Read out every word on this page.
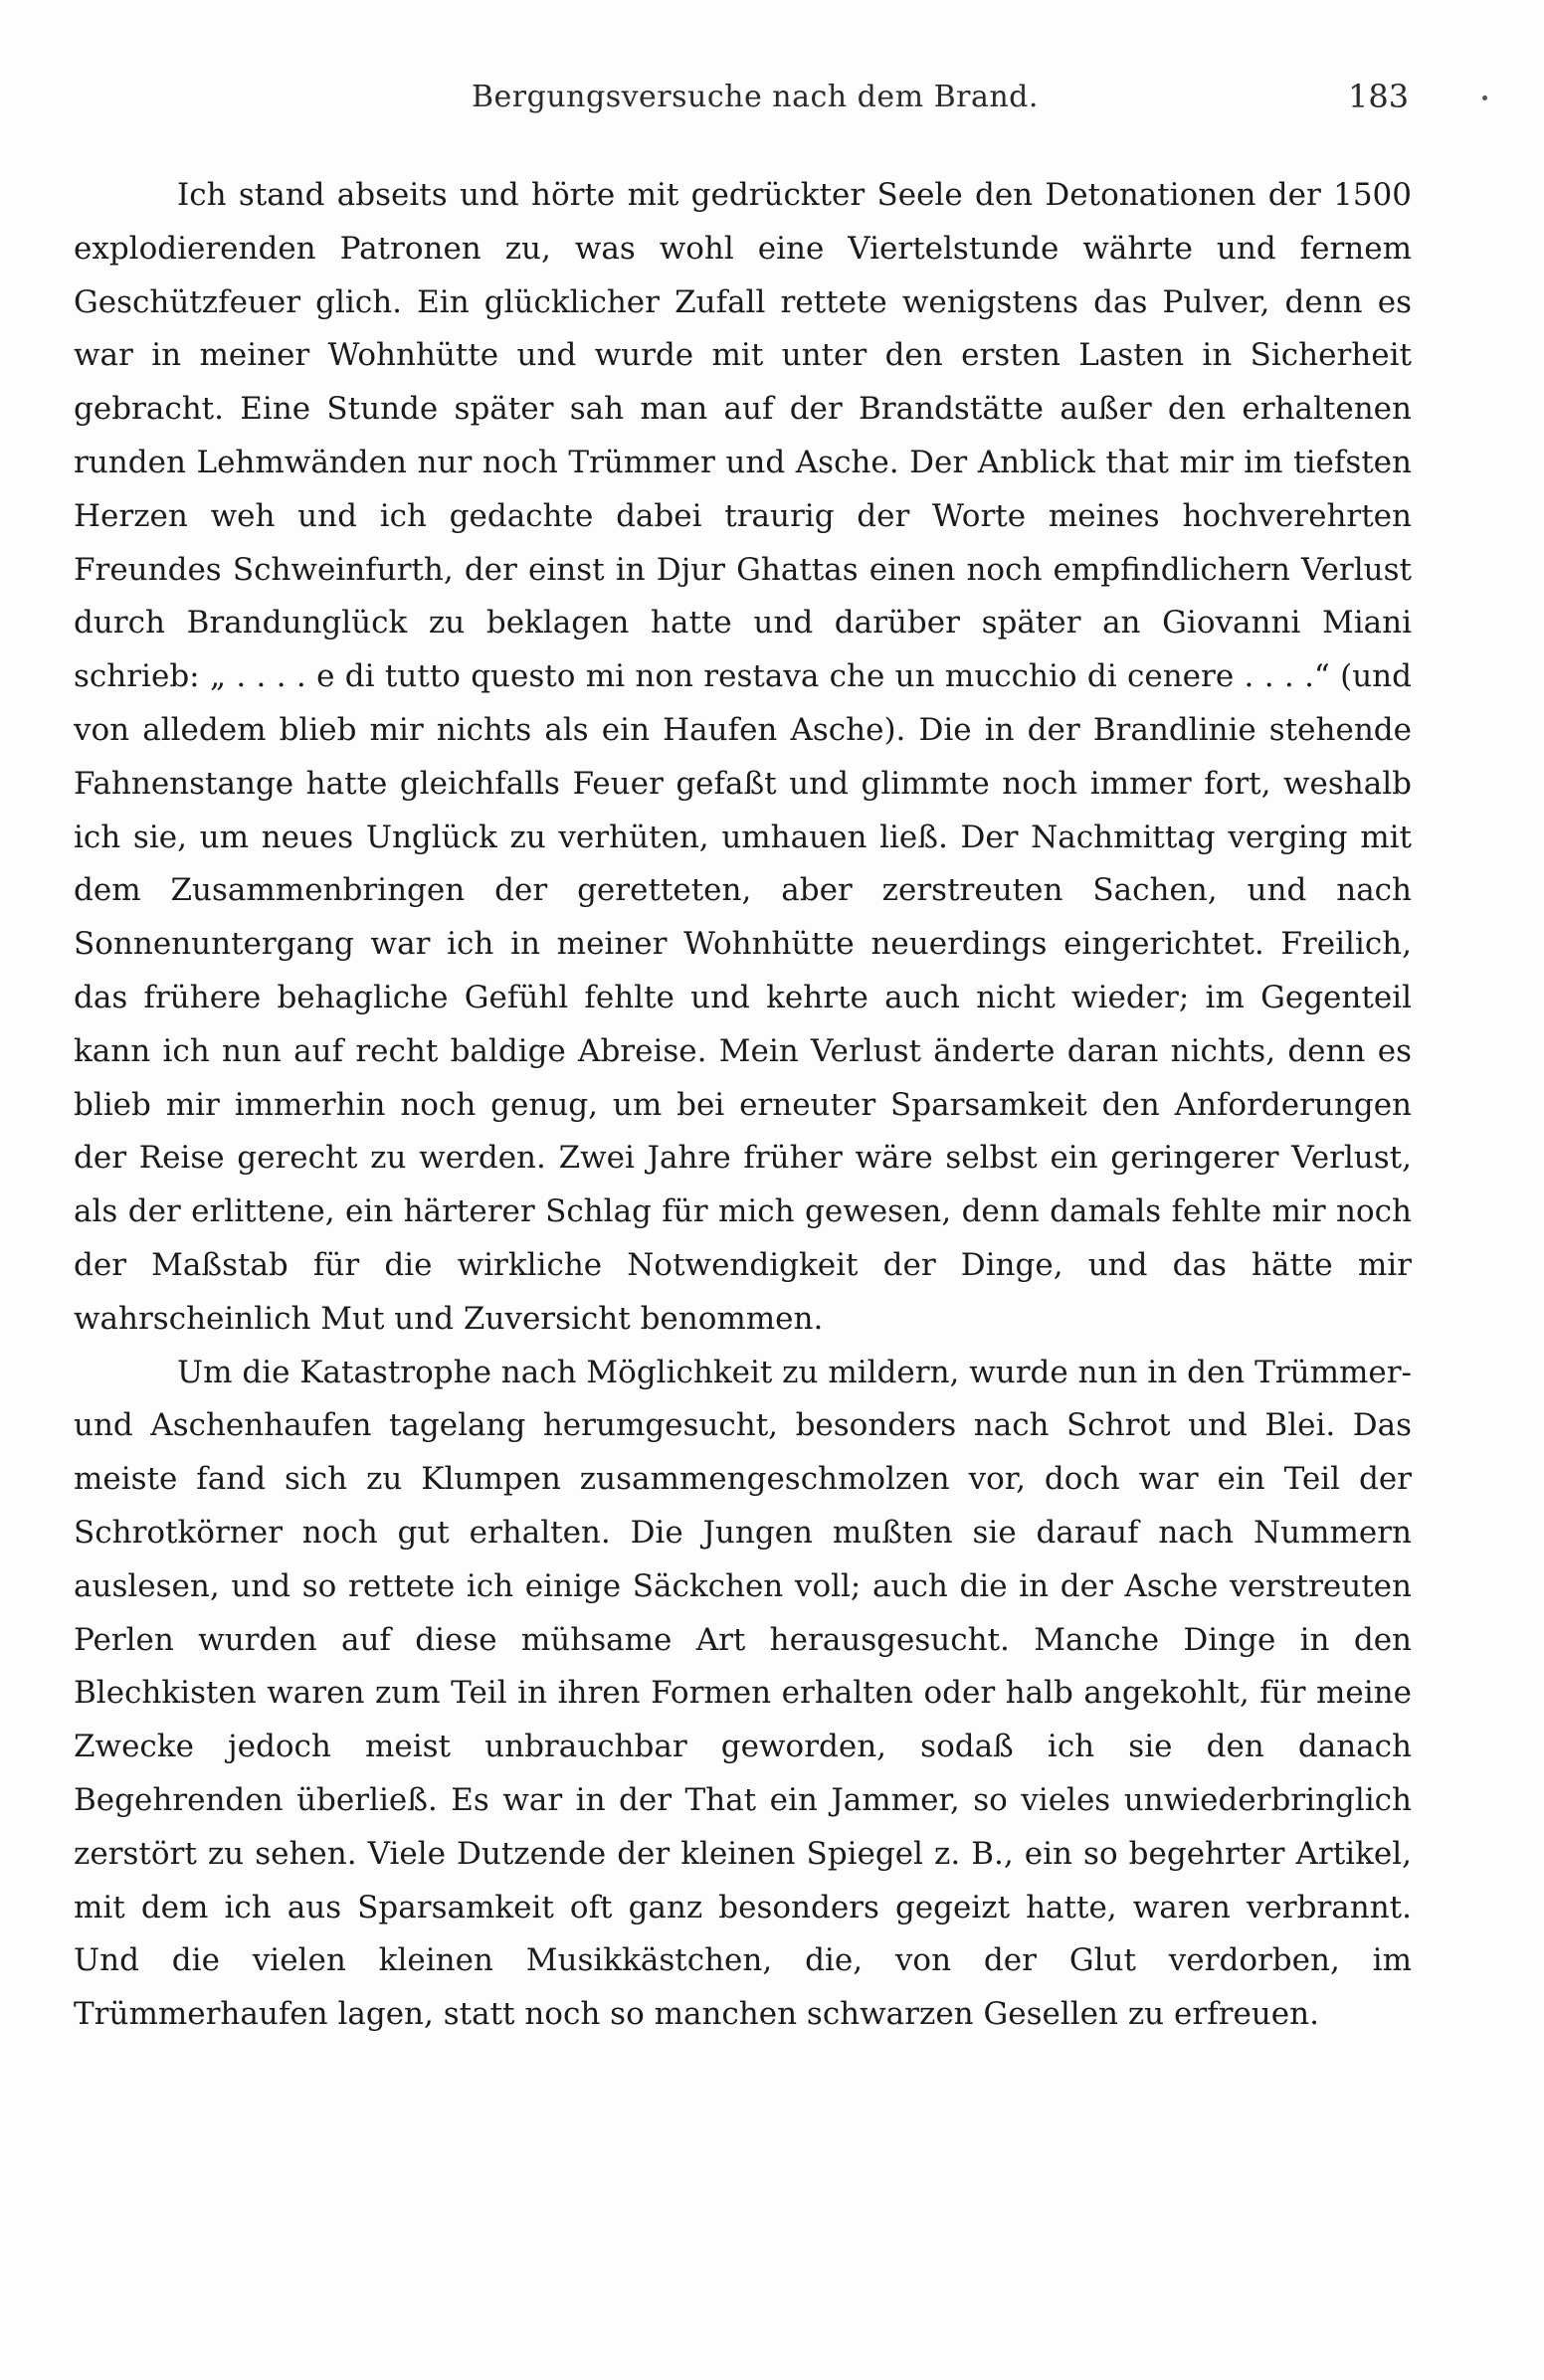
Bergungsversuche nach dem Brand.	183

Ich stand abseits und hörte mit gedrückter Seele den Detonationen der 1500 explodierenden Patronen zu, was wohl eine Viertelstunde währte und fernem Geschützfeuer glich. Ein glücklicher Zufall rettete wenigstens das Pulver, denn es war in meiner Wohnhütte und wurde mit unter den ersten Lasten in Sicherheit gebracht. Eine Stunde später sah man auf der Brandstätte außer den erhaltenen runden Lehmwänden nur noch Trümmer und Asche. Der Anblick that mir im tiefsten Herzen weh und ich gedachte dabei traurig der Worte meines hochverehrten Freundes Schweinfurth, der einst in Djur Ghattas einen noch empfindlichern Verlust durch Brandunglück zu beklagen hatte und darüber später an Giovanni Miani schrieb: „ . . . . e di tutto questo mi non restava che un mucchio di cenere . . . .“ (und von alledem blieb mir nichts als ein Haufen Asche). Die in der Brandlinie stehende Fahnenstange hatte gleichfalls Feuer gefaßt und glimmte noch immer fort, weshalb ich sie, um neues Unglück zu verhüten, umhauen ließ. Der Nachmittag verging mit dem Zusammenbringen der geretteten, aber zerstreuten Sachen, und nach Sonnenuntergang war ich in meiner Wohnhütte neuerdings eingerichtet. Freilich, das frühere behagliche Gefühl fehlte und kehrte auch nicht wieder; im Gegenteil kann ich nun auf recht baldige Abreise. Mein Verlust änderte daran nichts, denn es blieb mir immerhin noch genug, um bei erneuter Sparsamkeit den Anforderungen der Reise gerecht zu werden. Zwei Jahre früher wäre selbst ein geringerer Verlust, als der erlittene, ein härterer Schlag für mich gewesen, denn damals fehlte mir noch der Maßstab für die wirkliche Notwendigkeit der Dinge, und das hätte mir wahrscheinlich Mut und Zuversicht benommen.

Um die Katastrophe nach Möglichkeit zu mildern, wurde nun in den Trümmer- und Aschenhaufen tagelang herumgesucht, besonders nach Schrot und Blei. Das meiste fand sich zu Klumpen zusammengeschmolzen vor, doch war ein Teil der Schrotkörner noch gut erhalten. Die Jungen mußten sie darauf nach Nummern auslesen, und so rettete ich einige Säckchen voll; auch die in der Asche verstreuten Perlen wurden auf diese mühsame Art herausgesucht. Manche Dinge in den Blechkisten waren zum Teil in ihren Formen erhalten oder halb angekohlt, für meine Zwecke jedoch meist unbrauchbar geworden, sodaß ich sie den danach Begehrenden überließ. Es war in der That ein Jammer, so vieles unwiederbringlich zerstört zu sehen. Viele Dutzende der kleinen Spiegel z. B., ein so begehrter Artikel, mit dem ich aus Sparsamkeit oft ganz besonders gegeizt hatte, waren verbrannt. Und die vielen kleinen Musikkästchen, die, von der Glut verdorben, im Trümmerhaufen lagen, statt noch so manchen schwarzen Gesellen zu erfreuen.
